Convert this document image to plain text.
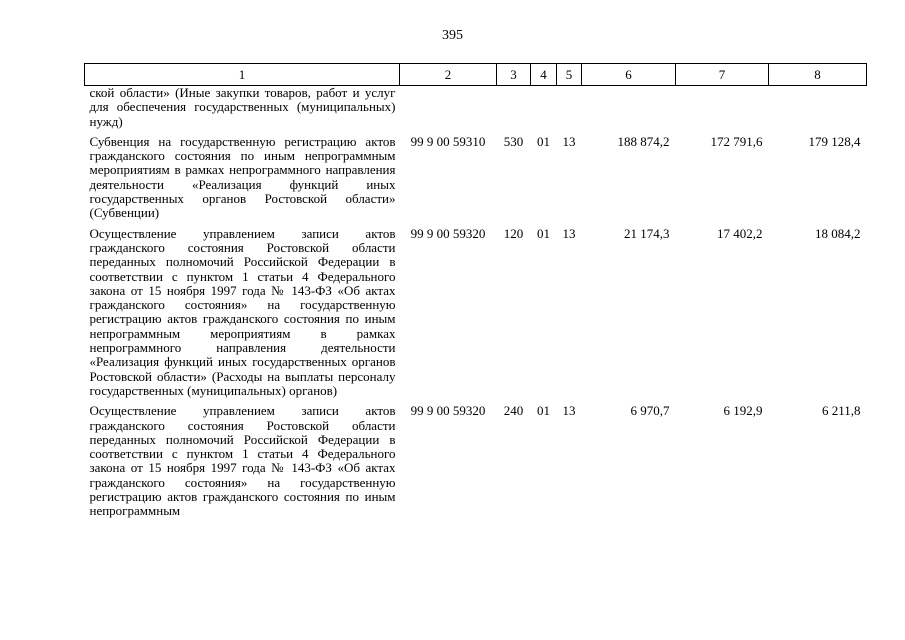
395
1	2	3	4	5	6	7	8
ской области» (Иные закупки товаров, работ и услуг для обеспечения государственных (муниципальных) нужд)							

Субвенция на государственную регистрацию актов гражданского состояния по иным непрограммным мероприятиям в рамках непрограммного направления деятельности «Реализация функций иных государственных органов Ростовской области» (Субвенции)	99 9 00 59310	530	01	13	188 874,2	172 791,6	179 128,4

Осуществление управлением записи актов гражданского состояния Ростовской области переданных полномочий Российской Федерации в соответствии с пунктом 1 статьи 4 Федерального закона от 15 ноября 1997 года № 143-ФЗ «Об актах гражданского состояния» на государственную регистрацию актов гражданского состояния по иным непрограммным мероприятиям в рамках непрограммного направления деятельности «Реализация функций иных государственных органов Ростовской области» (Расходы на выплаты персоналу государственных (муниципальных) органов)	99 9 00 59320	120	01	13	21 174,3	17 402,2	18 084,2

Осуществление управлением записи актов гражданского состояния Ростовской области переданных полномочий Российской Федерации в соответствии с пунктом 1 статьи 4 Федерального закона от 15 ноября 1997 года № 143-ФЗ «Об актах гражданского состояния» на государственную регистрацию актов гражданского состояния по иным непрограммным	99 9 00 59320	240	01	13	6 970,7	6 192,9	6 211,8
